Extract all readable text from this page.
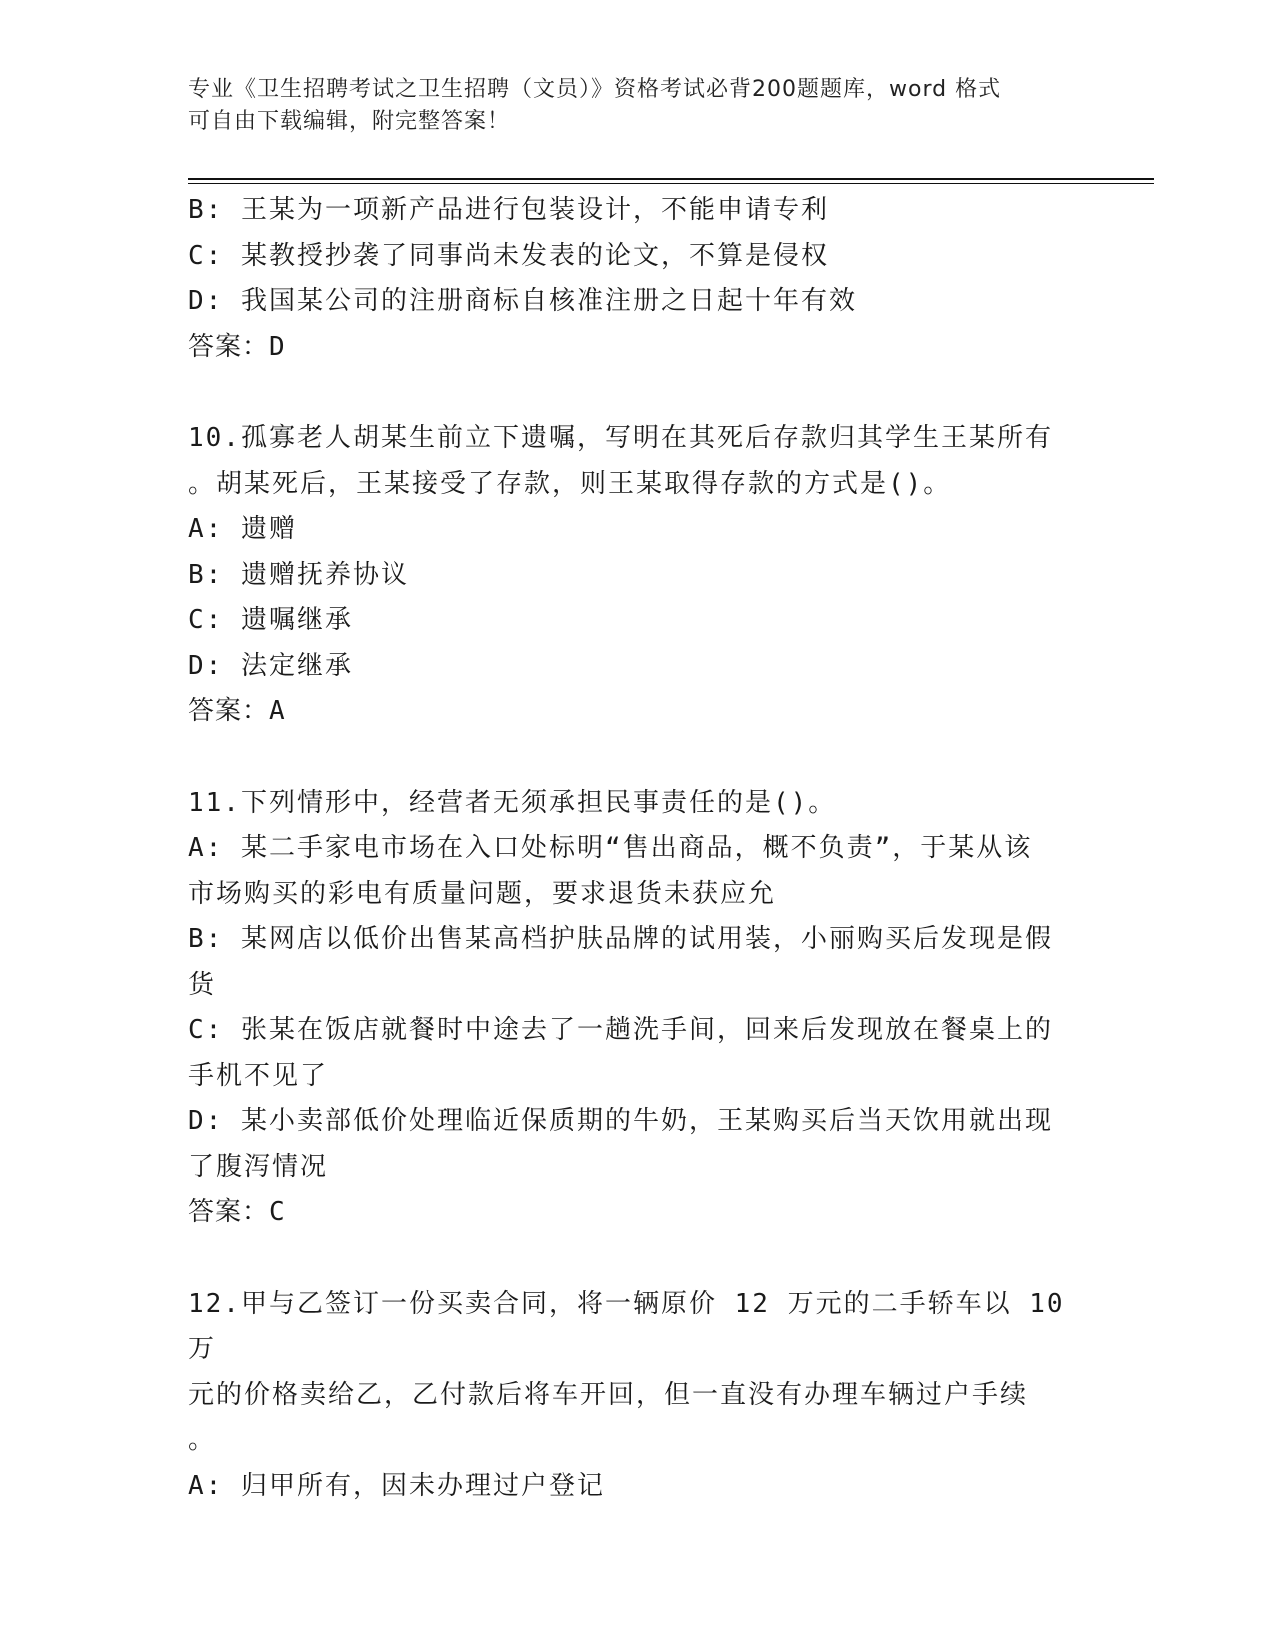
专业《卫生招聘考试之卫生招聘（文员）》资格考试必背200题题库，word 格式
可自由下载编辑，附完整答案！
B: 王某为一项新产品进行包装设计，不能申请专利
C: 某教授抄袭了同事尚未发表的论文，不算是侵权
D: 我国某公司的注册商标自核准注册之日起十年有效
答案：D
10.孤寡老人胡某生前立下遗嘱，写明在其死后存款归其学生王某所有
。胡某死后，王某接受了存款，则王某取得存款的方式是()。
A: 遗赠
B: 遗赠抚养协议
C: 遗嘱继承
D: 法定继承
答案：A
11.下列情形中，经营者无须承担民事责任的是()。
A: 某二手家电市场在入口处标明“售出商品，概不负责”，于某从该
市场购买的彩电有质量问题，要求退货未获应允
B: 某网店以低价出售某高档护肤品牌的试用装，小丽购买后发现是假
货
C: 张某在饭店就餐时中途去了一趟洗手间，回来后发现放在餐桌上的
手机不见了
D: 某小卖部低价处理临近保质期的牛奶，王某购买后当天饮用就出现
了腹泻情况
答案：C
12.甲与乙签订一份买卖合同，将一辆原价 12 万元的二手轿车以 10 万
元的价格卖给乙，乙付款后将车开回，但一直没有办理车辆过户手续
。
A: 归甲所有，因未办理过户登记
